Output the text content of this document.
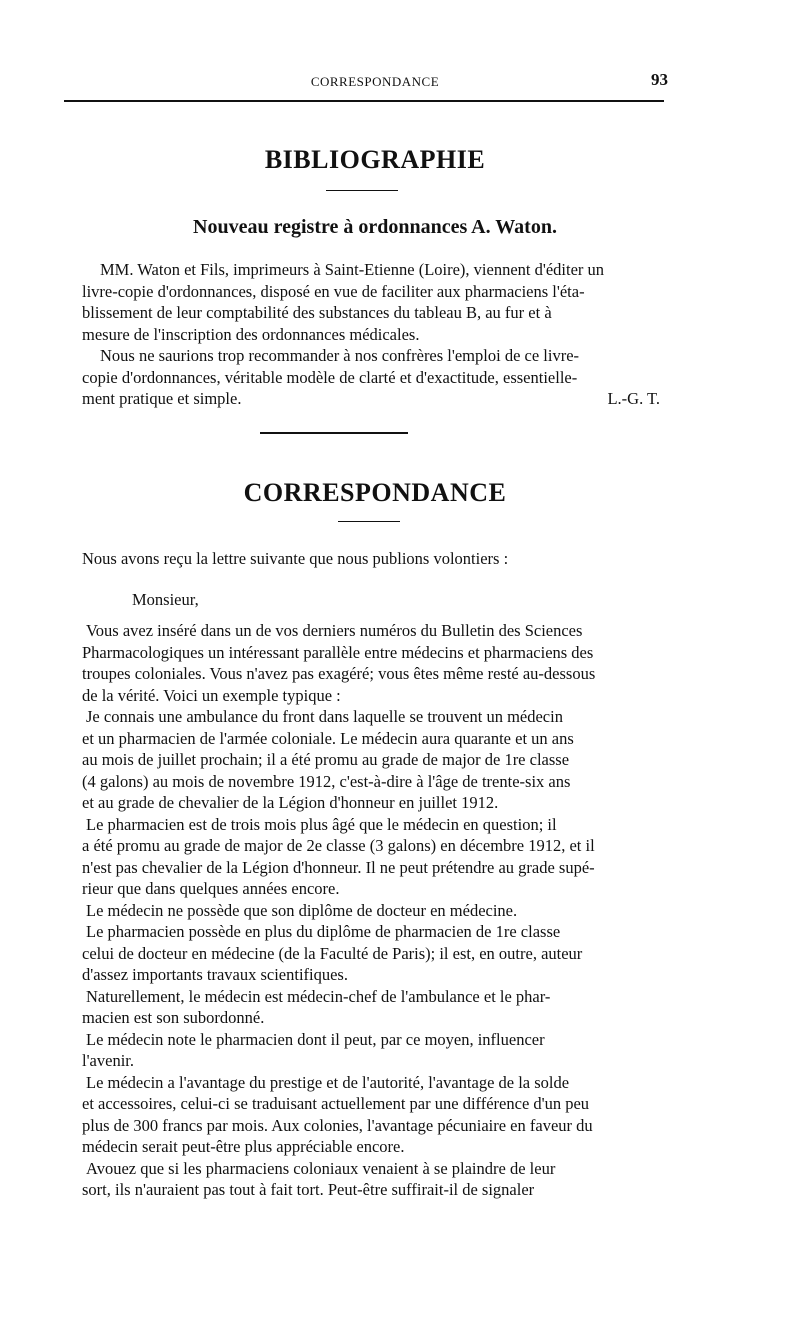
CORRESPONDANCE	93
BIBLIOGRAPHIE
Nouveau registre à ordonnances A. Waton.
MM. Waton et Fils, imprimeurs à Saint-Etienne (Loire), viennent d'éditer un
livre-copie d'ordonnances, disposé en vue de faciliter aux pharmaciens l'éta-
blissement de leur comptabilité des substances du tableau B, au fur et à
mesure de l'inscription des ordonnances médicales.
Nous ne saurions trop recommander à nos confrères l'emploi de ce livre-
copie d'ordonnances, véritable modèle de clarté et d'exactitude, essentielle-
ment pratique et simple.	L.-G. T.
CORRESPONDANCE
Nous avons reçu la lettre suivante que nous publions volontiers :
Monsieur,
Vous avez inséré dans un de vos derniers numéros du Bulletin des Sciences
Pharmacologiques un intéressant parallèle entre médecins et pharmaciens des
troupes coloniales. Vous n'avez pas exagéré; vous êtes même resté au-dessous
de la vérité. Voici un exemple typique :
Je connais une ambulance du front dans laquelle se trouvent un médecin
et un pharmacien de l'armée coloniale. Le médecin aura quarante et un ans
au mois de juillet prochain; il a été promu au grade de major de 1re classe
(4 galons) au mois de novembre 1912, c'est-à-dire à l'âge de trente-six ans
et au grade de chevalier de la Légion d'honneur en juillet 1912.
Le pharmacien est de trois mois plus âgé que le médecin en question; il
a été promu au grade de major de 2e classe (3 galons) en décembre 1912, et il
n'est pas chevalier de la Légion d'honneur. Il ne peut prétendre au grade supé-
rieur que dans quelques années encore.
Le médecin ne possède que son diplôme de docteur en médecine.
Le pharmacien possède en plus du diplôme de pharmacien de 1re classe
celui de docteur en médecine (de la Faculté de Paris); il est, en outre, auteur
d'assez importants travaux scientifiques.
Naturellement, le médecin est médecin-chef de l'ambulance et le phar-
macien est son subordonné.
Le médecin note le pharmacien dont il peut, par ce moyen, influencer
l'avenir.
Le médecin a l'avantage du prestige et de l'autorité, l'avantage de la solde
et accessoires, celui-ci se traduisant actuellement par une différence d'un peu
plus de 300 francs par mois. Aux colonies, l'avantage pécuniaire en faveur du
médecin serait peut-être plus appréciable encore.
Avouez que si les pharmaciens coloniaux venaient à se plaindre de leur
sort, ils n'auraient pas tout à fait tort. Peut-être suffirait-il de signaler
